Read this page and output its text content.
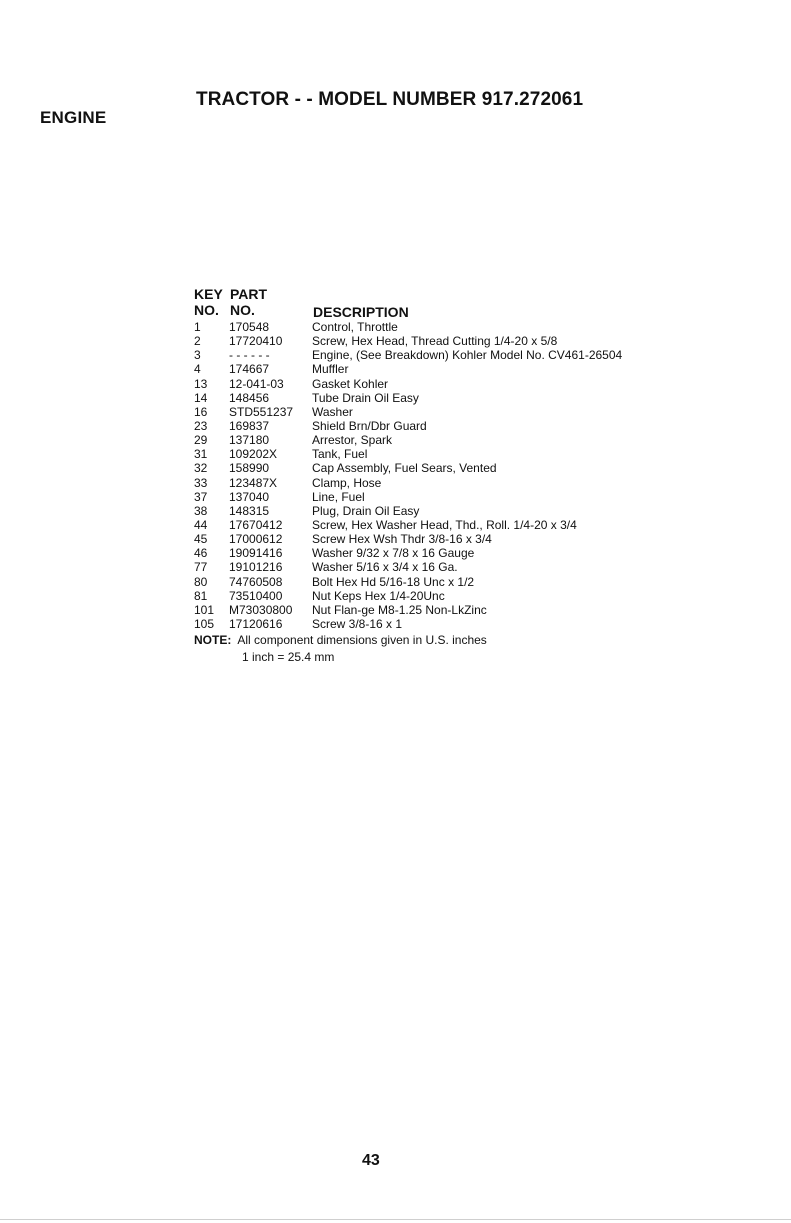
ENGINE
TRACTOR - - MODEL NUMBER 917.272061
KEY
NO.
PART
NO.	DESCRIPTION
1 170548	Control, Throttle
2 17720410 Screw, Hex Head, Thread Cutting 1/4-20 x 5/8
3 - - - - - -	Engine, (See Breakdown) Kohler Model No. CV461-26504
4 174667	Muffler
13 12-041-03 Gasket Kohler
14 148456	Tube Drain Oil Easy
16 STD551237 Washer
23 169837	Shield Brn/Dbr Guard
29 137180	Arrestor, Spark
31 109202X	Tank, Fuel
32 158990	Cap Assembly, Fuel Sears, Vented
33 123487X	Clamp, Hose
37 137040	Line, Fuel
38 148315	Plug, Drain Oil Easy
44 17670412 Screw, Hex Washer Head, Thd., Roll. 1/4-20 x 3/4
45 17000612 Screw Hex Wsh Thdr 3/8-16 x 3/4
46 19091416 Washer 9/32 x 7/8 x 16 Gauge
77 19101216 Washer 5/16 x 3/4 x 16 Ga.
80 74760508 Bolt Hex Hd 5/16-18 Unc x 1/2
81 73510400 Nut Keps Hex 1/4-20Unc
101 M73030800 Nut Flan-ge M8-1.25 Non-LkZinc
105 17120616 Screw 3/8-16 x 1
NOTE: All component dimensions given in U.S. inches
1 inch = 25.4 mm
43
